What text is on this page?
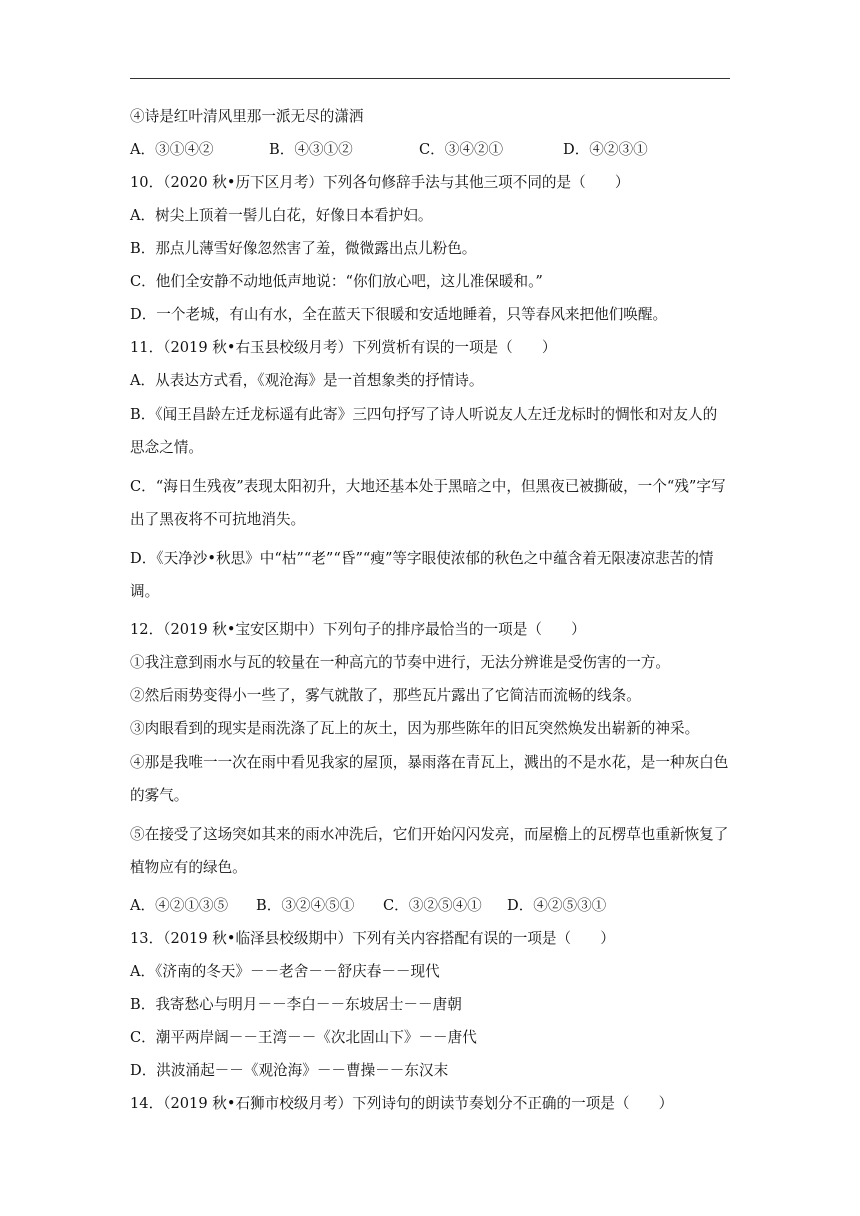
④诗是红叶清风里那一派无尽的潇洒
A．③①④②	B．④③①②	C．③④②①	D．④②③①
10．（2020 秋•历下区月考）下列各句修辞手法与其他三项不同的是（　　）
A．树尖上顶着一髻儿白花，好像日本看护妇。
B．那点儿薄雪好像忽然害了羞，微微露出点儿粉色。
C．他们全安静不动地低声地说：“你们放心吧，这儿准保暖和。”
D．一个老城，有山有水，全在蓝天下很暖和安适地睡着，只等春风来把他们唤醒。
11．（2019 秋•右玉县校级月考）下列赏析有误的一项是（　　）
A．从表达方式看，《观沧海》是一首想象类的抒情诗。
B．《闻王昌龄左迁龙标遥有此寄》三四句抒写了诗人听说友人左迁龙标时的惆怅和对友人的思念之情。
C．“海日生残夜”表现太阳初升，大地还基本处于黑暗之中，但黑夜已被撕破，一个“残”字写出了黑夜将不可抗地消失。
D．《天净沙•秋思》中“枯”“老”“昏”“瘦”等字眼使浓郁的秋色之中蕴含着无限凄凉悲苦的情调。
12．（2019 秋•宝安区期中）下列句子的排序最恰当的一项是（　　）
①我注意到雨水与瓦的较量在一种高亢的节奏中进行，无法分辨谁是受伤害的一方。
②然后雨势变得小一些了，雾气就散了，那些瓦片露出了它简洁而流畅的线条。
③肉眼看到的现实是雨洗涤了瓦上的灰土，因为那些陈年的旧瓦突然焕发出崭新的神采。
④那是我唯一一次在雨中看见我家的屋顶，暴雨落在青瓦上，溅出的不是水花，是一种灰白色的雾气。
⑤在接受了这场突如其来的雨水冲洗后，它们开始闪闪发亮，而屋檐上的瓦楞草也重新恢复了植物应有的绿色。
A．④②①③⑤	B．③②④⑤①	C．③②⑤④①	D．④②⑤③①
13．（2019 秋•临泽县校级期中）下列有关内容搭配有误的一项是（　　）
A．《济南的冬天》－－老舍－－舒庆春－－现代
B．我寄愁心与明月－－李白－－东坡居士－－唐朝
C．潮平两岸阔－－王湾－－《次北固山下》－－唐代
D．洪波涌起－－《观沧海》－－曹操－－东汉末
14．（2019 秋•石狮市校级月考）下列诗句的朗读节奏划分不正确的一项是（　　）
